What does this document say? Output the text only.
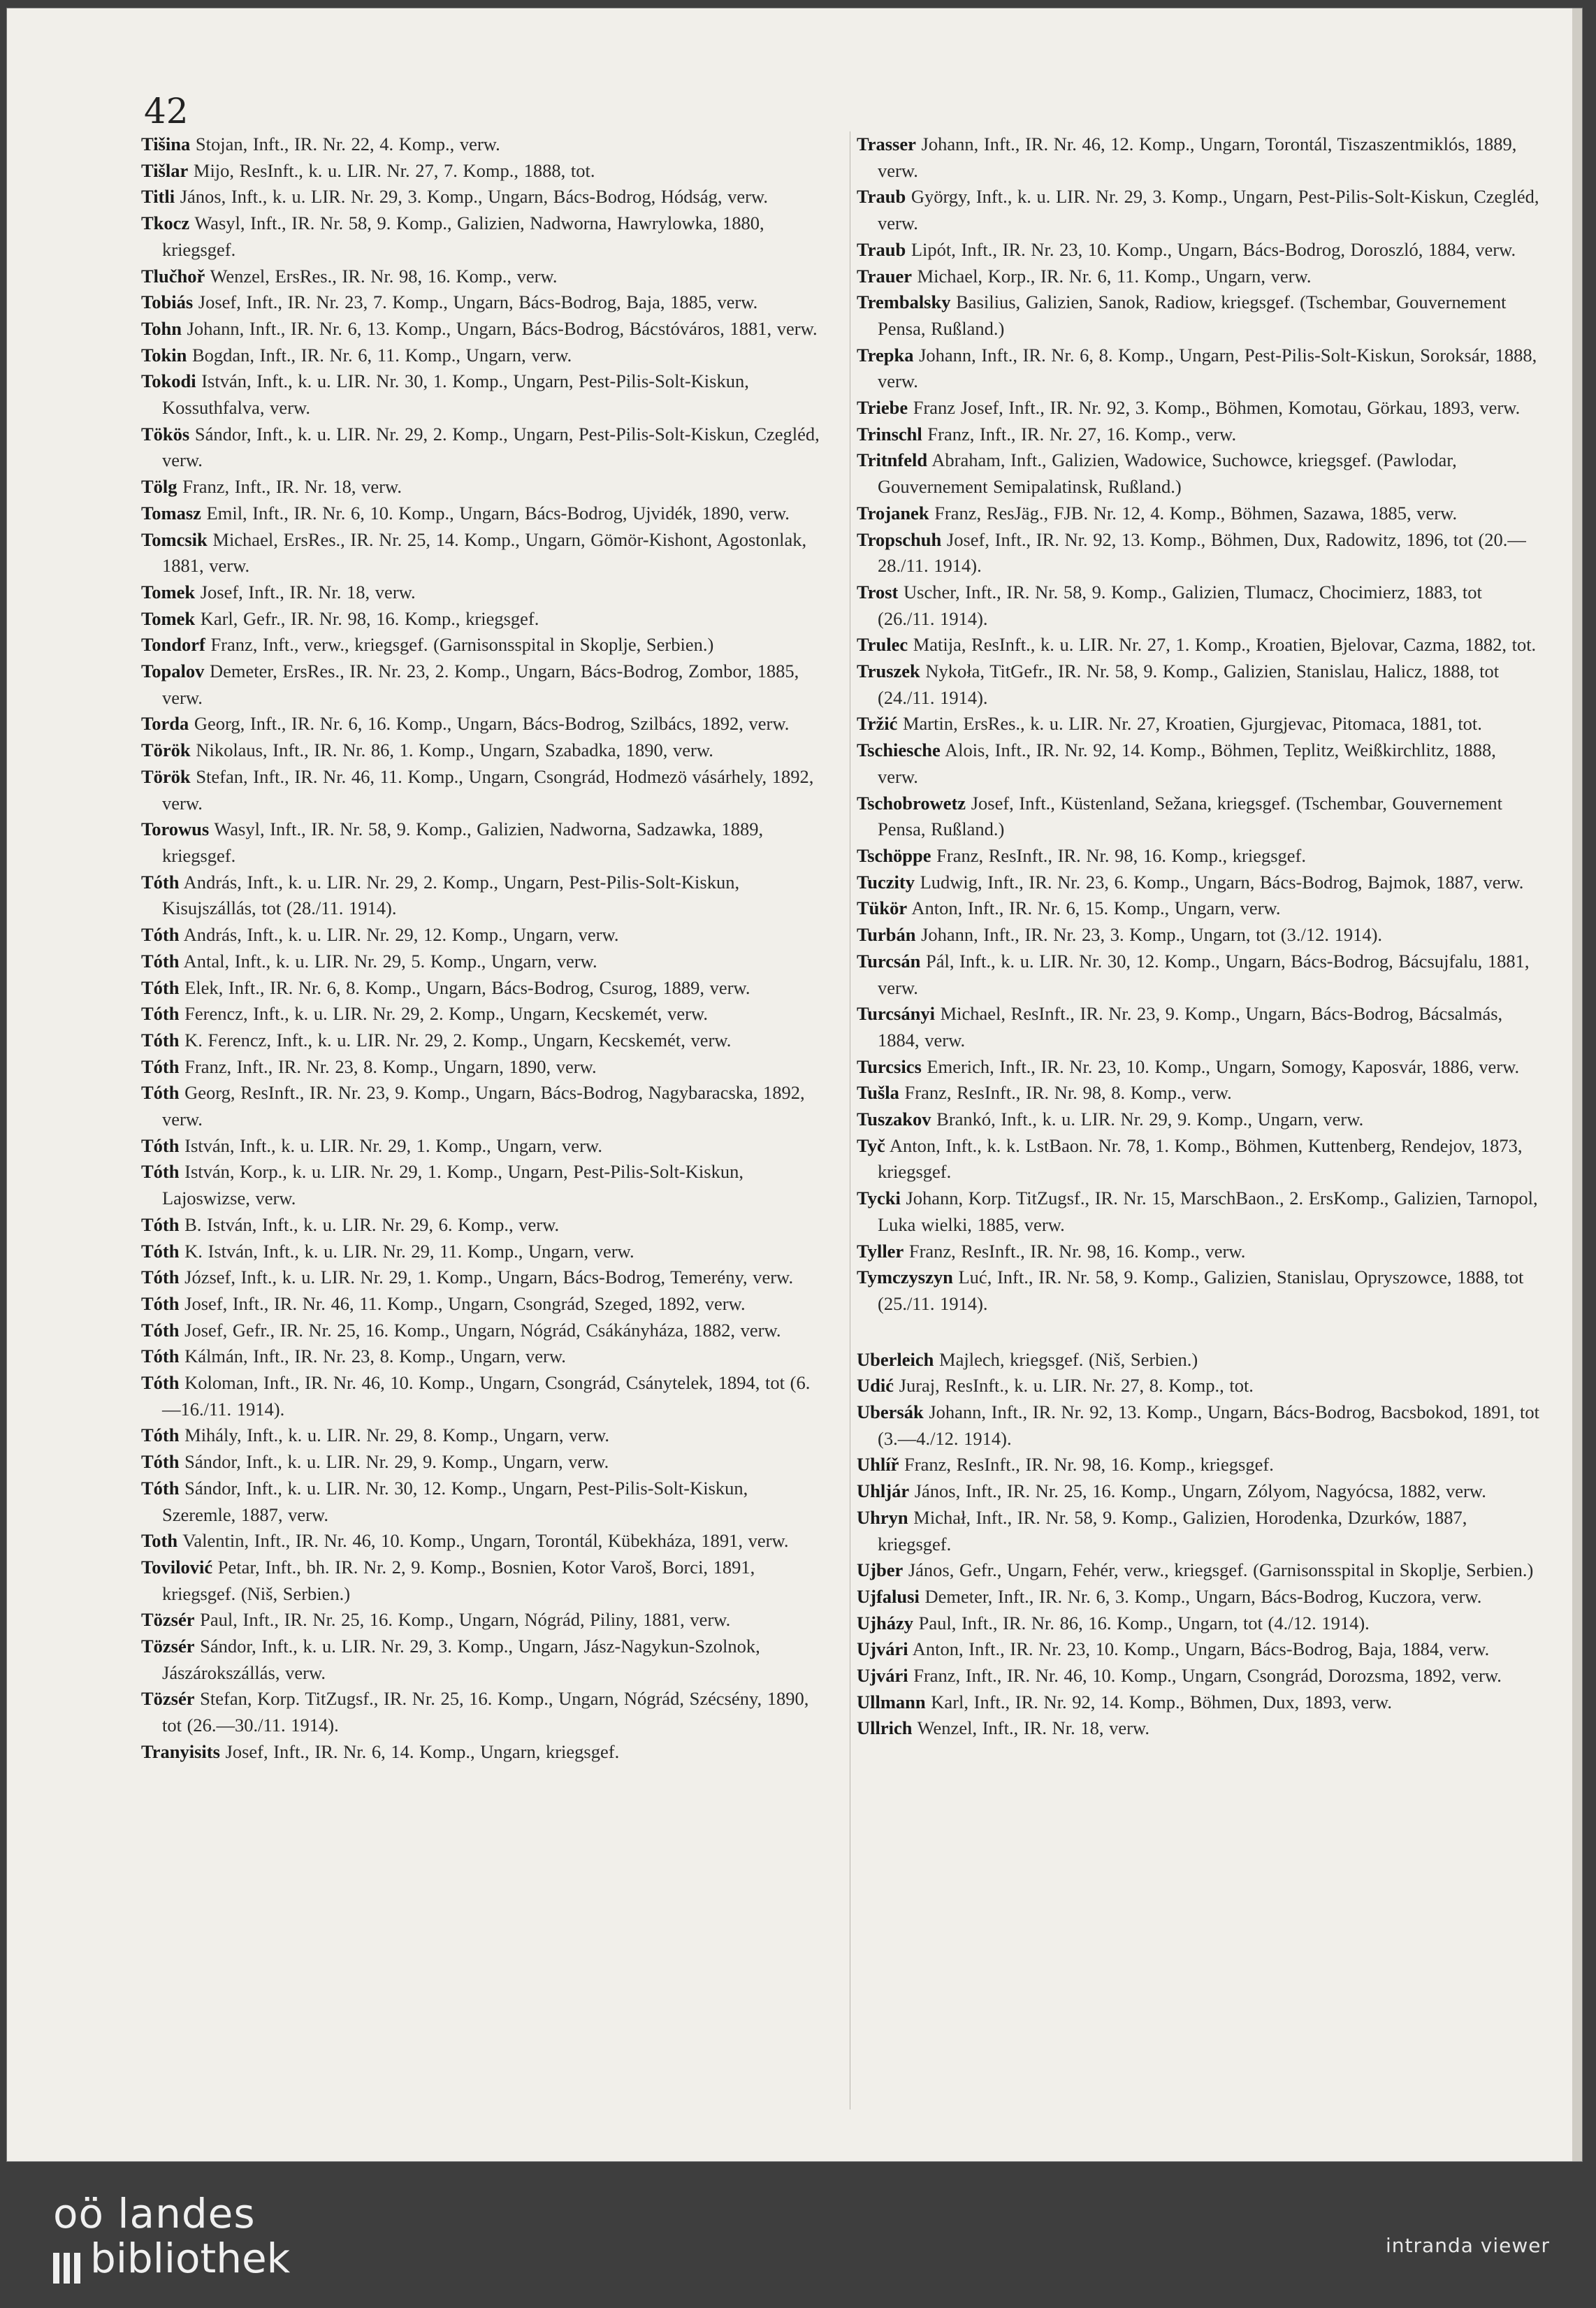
42
Tišina Stojan, Inft., IR. Nr. 22, 4. Komp., verw.
Tišlar Mijo, ResInft., k. u. LIR. Nr. 27, 7. Komp., 1888, tot.
Titli János, Inft., k. u. LIR. Nr. 29, 3. Komp., Ungarn, Bács-Bodrog, Hódság, verw.
Tkocz Wasyl, Inft., IR. Nr. 58, 9. Komp., Galizien, Nadworna, Hawrylowka, 1880, kriegsgef.
Tlučhoř Wenzel, ErsRes., IR. Nr. 98, 16. Komp., verw.
Tobiás Josef, Inft., IR. Nr. 23, 7. Komp., Ungarn, Bács-Bodrog, Baja, 1885, verw.
Tohn Johann, Inft., IR. Nr. 6, 13. Komp., Ungarn, Bács-Bodrog, Bácstóváros, 1881, verw.
Tokin Bogdan, Inft., IR. Nr. 6, 11. Komp., Ungarn, verw.
Tokodi István, Inft., k. u. LIR. Nr. 30, 1. Komp., Ungarn, Pest-Pilis-Solt-Kiskun, Kossuthfalva, verw.
Tökös Sándor, Inft., k. u. LIR. Nr. 29, 2. Komp., Ungarn, Pest-Pilis-Solt-Kiskun, Czegléd, verw.
Tölg Franz, Inft., IR. Nr. 18, verw.
Tomasz Emil, Inft., IR. Nr. 6, 10. Komp., Ungarn, Bács-Bodrog, Ujvidék, 1890, verw.
Tomcsik Michael, ErsRes., IR. Nr. 25, 14. Komp., Ungarn, Gömör-Kishont, Agostonlak, 1881, verw.
Tomek Josef, Inft., IR. Nr. 18, verw.
Tomek Karl, Gefr., IR. Nr. 98, 16. Komp., kriegsgef.
Tondorf Franz, Inft., verw., kriegsgef. (Garnisonsspital in Skoplje, Serbien.)
Topalov Demeter, ErsRes., IR. Nr. 23, 2. Komp., Ungarn, Bács-Bodrog, Zombor, 1885, verw.
Torda Georg, Inft., IR. Nr. 6, 16. Komp., Ungarn, Bács-Bodrog, Szilbács, 1892, verw.
Török Nikolaus, Inft., IR. Nr. 86, 1. Komp., Ungarn, Szabadka, 1890, verw.
Török Stefan, Inft., IR. Nr. 46, 11. Komp., Ungarn, Csongrád, Hodmezö vásárhely, 1892, verw.
Torowus Wasyl, Inft., IR. Nr. 58, 9. Komp., Galizien, Nadworna, Sadzawka, 1889, kriegsgef.
Tóth András, Inft., k. u. LIR. Nr. 29, 2. Komp., Ungarn, Pest-Pilis-Solt-Kiskun, Kisujszállás, tot (28./11. 1914).
Tóth András, Inft., k. u. LIR. Nr. 29, 12. Komp., Ungarn, verw.
Tóth Antal, Inft., k. u. LIR. Nr. 29, 5. Komp., Ungarn, verw.
Tóth Elek, Inft., IR. Nr. 6, 8. Komp., Ungarn, Bács-Bodrog, Csurog, 1889, verw.
Tóth Ferencz, Inft., k. u. LIR. Nr. 29, 2. Komp., Ungarn, Kecskemét, verw.
Tóth K. Ferencz, Inft., k. u. LIR. Nr. 29, 2. Komp., Ungarn, Kecskemét, verw.
Tóth Franz, Inft., IR. Nr. 23, 8. Komp., Ungarn, 1890, verw.
Tóth Georg, ResInft., IR. Nr. 23, 9. Komp., Ungarn, Bács-Bodrog, Nagybaracska, 1892, verw.
Tóth István, Inft., k. u. LIR. Nr. 29, 1. Komp., Ungarn, verw.
Tóth István, Korp., k. u. LIR. Nr. 29, 1. Komp., Ungarn, Pest-Pilis-Solt-Kiskun, Lajoswizse, verw.
Tóth B. István, Inft., k. u. LIR. Nr. 29, 6. Komp., verw.
Tóth K. István, Inft., k. u. LIR. Nr. 29, 11. Komp., Ungarn, verw.
Tóth József, Inft., k. u. LIR. Nr. 29, 1. Komp., Ungarn, Bács-Bodrog, Temerény, verw.
Tóth Josef, Inft., IR. Nr. 46, 11. Komp., Ungarn, Csongrád, Szeged, 1892, verw.
Tóth Josef, Gefr., IR. Nr. 25, 16. Komp., Ungarn, Nógrád, Csákányháza, 1882, verw.
Tóth Kálmán, Inft., IR. Nr. 23, 8. Komp., Ungarn, verw.
Tóth Koloman, Inft., IR. Nr. 46, 10. Komp., Ungarn, Csongrád, Csánytelek, 1894, tot (6.—16./11. 1914).
Tóth Mihály, Inft., k. u. LIR. Nr. 29, 8. Komp., Ungarn, verw.
Tóth Sándor, Inft., k. u. LIR. Nr. 29, 9. Komp., Ungarn, verw.
Tóth Sándor, Inft., k. u. LIR. Nr. 30, 12. Komp., Ungarn, Pest-Pilis-Solt-Kiskun, Szeremle, 1887, verw.
Toth Valentin, Inft., IR. Nr. 46, 10. Komp., Ungarn, Torontál, Kübekháza, 1891, verw.
Tovilović Petar, Inft., bh. IR. Nr. 2, 9. Komp., Bosnien, Kotor Varoš, Borci, 1891, kriegsgef. (Niš, Serbien.)
Tözsér Paul, Inft., IR. Nr. 25, 16. Komp., Ungarn, Nógrád, Piliny, 1881, verw.
Tözsér Sándor, Inft., k. u. LIR. Nr. 29, 3. Komp., Ungarn, Jász-Nagykun-Szolnok, Jászárokszállás, verw.
Tözsér Stefan, Korp. TitZugsf., IR. Nr. 25, 16. Komp., Ungarn, Nógrád, Szécsény, 1890, tot (26.—30./11. 1914).
Tranyisits Josef, Inft., IR. Nr. 6, 14. Komp., Ungarn, kriegsgef.
Trasser Johann, Inft., IR. Nr. 46, 12. Komp., Ungarn, Torontál, Tiszaszentmiklós, 1889, verw.
Traub György, Inft., k. u. LIR. Nr. 29, 3. Komp., Ungarn, Pest-Pilis-Solt-Kiskun, Czegléd, verw.
Traub Lipót, Inft., IR. Nr. 23, 10. Komp., Ungarn, Bács-Bodrog, Doroszló, 1884, verw.
Trauer Michael, Korp., IR. Nr. 6, 11. Komp., Ungarn, verw.
Trembalsky Basilius, Galizien, Sanok, Radiow, kriegsgef. (Tschembar, Gouvernement Pensa, Rußland.)
Trepka Johann, Inft., IR. Nr. 6, 8. Komp., Ungarn, Pest-Pilis-Solt-Kiskun, Soroksár, 1888, verw.
Triebe Franz Josef, Inft., IR. Nr. 92, 3. Komp., Böhmen, Komotau, Görkau, 1893, verw.
Trinschl Franz, Inft., IR. Nr. 27, 16. Komp., verw.
Tritnfeld Abraham, Inft., Galizien, Wadowice, Suchowce, kriegsgef. (Pawlodar, Gouvernement Semipalatinsk, Rußland.)
Trojanek Franz, ResJäg., FJB. Nr. 12, 4. Komp., Böhmen, Sazawa, 1885, verw.
Tropschuh Josef, Inft., IR. Nr. 92, 13. Komp., Böhmen, Dux, Radowitz, 1896, tot (20.—28./11. 1914).
Trost Uscher, Inft., IR. Nr. 58, 9. Komp., Galizien, Tlumacz, Chocimierz, 1883, tot (26./11. 1914).
Trulec Matija, ResInft., k. u. LIR. Nr. 27, 1. Komp., Kroatien, Bjelovar, Cazma, 1882, tot.
Truszek Nykoła, TitGefr., IR. Nr. 58, 9. Komp., Galizien, Stanislau, Halicz, 1888, tot (24./11. 1914).
Tržić Martin, ErsRes., k. u. LIR. Nr. 27, Kroatien, Gjurgjevac, Pitomaca, 1881, tot.
Tschiesche Alois, Inft., IR. Nr. 92, 14. Komp., Böhmen, Teplitz, Weißkirchlitz, 1888, verw.
Tschobrowetz Josef, Inft., Küstenland, Sežana, kriegsgef. (Tschembar, Gouvernement Pensa, Rußland.)
Tschöppe Franz, ResInft., IR. Nr. 98, 16. Komp., kriegsgef.
Tuczity Ludwig, Inft., IR. Nr. 23, 6. Komp., Ungarn, Bács-Bodrog, Bajmok, 1887, verw.
Tükör Anton, Inft., IR. Nr. 6, 15. Komp., Ungarn, verw.
Turbán Johann, Inft., IR. Nr. 23, 3. Komp., Ungarn, tot (3./12. 1914).
Turcsán Pál, Inft., k. u. LIR. Nr. 30, 12. Komp., Ungarn, Bács-Bodrog, Bácsujfalu, 1881, verw.
Turcsányi Michael, ResInft., IR. Nr. 23, 9. Komp., Ungarn, Bács-Bodrog, Bácsalmás, 1884, verw.
Turcsics Emerich, Inft., IR. Nr. 23, 10. Komp., Ungarn, Somogy, Kaposvár, 1886, verw.
Tušla Franz, ResInft., IR. Nr. 98, 8. Komp., verw.
Tuszakov Brankó, Inft., k. u. LIR. Nr. 29, 9. Komp., Ungarn, verw.
Tyč Anton, Inft., k. k. LstBaon. Nr. 78, 1. Komp., Böhmen, Kuttenberg, Rendejov, 1873, kriegsgef.
Tycki Johann, Korp. TitZugsf., IR. Nr. 15, MarschBaon., 2. ErsKomp., Galizien, Tarnopol, Luka wielki, 1885, verw.
Tyller Franz, ResInft., IR. Nr. 98, 16. Komp., verw.
Tymczyszyn Luć, Inft., IR. Nr. 58, 9. Komp., Galizien, Stanislau, Opryszowce, 1888, tot (25./11. 1914).
Uberleich Majlech, kriegsgef. (Niš, Serbien.)
Udić Juraj, ResInft., k. u. LIR. Nr. 27, 8. Komp., tot.
Ubersák Johann, Inft., IR. Nr. 92, 13. Komp., Ungarn, Bács-Bodrog, Bacsbokod, 1891, tot (3.—4./12. 1914).
Uhlíř Franz, ResInft., IR. Nr. 98, 16. Komp., kriegsgef.
Uhljár János, Inft., IR. Nr. 25, 16. Komp., Ungarn, Zólyom, Nagyócsa, 1882, verw.
Uhryn Michał, Inft., IR. Nr. 58, 9. Komp., Galizien, Horodenka, Dzurków, 1887, kriegsgef.
Ujber János, Gefr., Ungarn, Fehér, verw., kriegsgef. (Garnisonsspital in Skoplje, Serbien.)
Ujfalusi Demeter, Inft., IR. Nr. 6, 3. Komp., Ungarn, Bács-Bodrog, Kuczora, verw.
Ujházy Paul, Inft., IR. Nr. 86, 16. Komp., Ungarn, tot (4./12. 1914).
Ujvári Anton, Inft., IR. Nr. 23, 10. Komp., Ungarn, Bács-Bodrog, Baja, 1884, verw.
Ujvári Franz, Inft., IR. Nr. 46, 10. Komp., Ungarn, Csongrád, Dorozsma, 1892, verw.
Ullmann Karl, Inft., IR. Nr. 92, 14. Komp., Böhmen, Dux, 1893, verw.
Ullrich Wenzel, Inft., IR. Nr. 18, verw.
oö landes
bibliothek	intranda viewer
